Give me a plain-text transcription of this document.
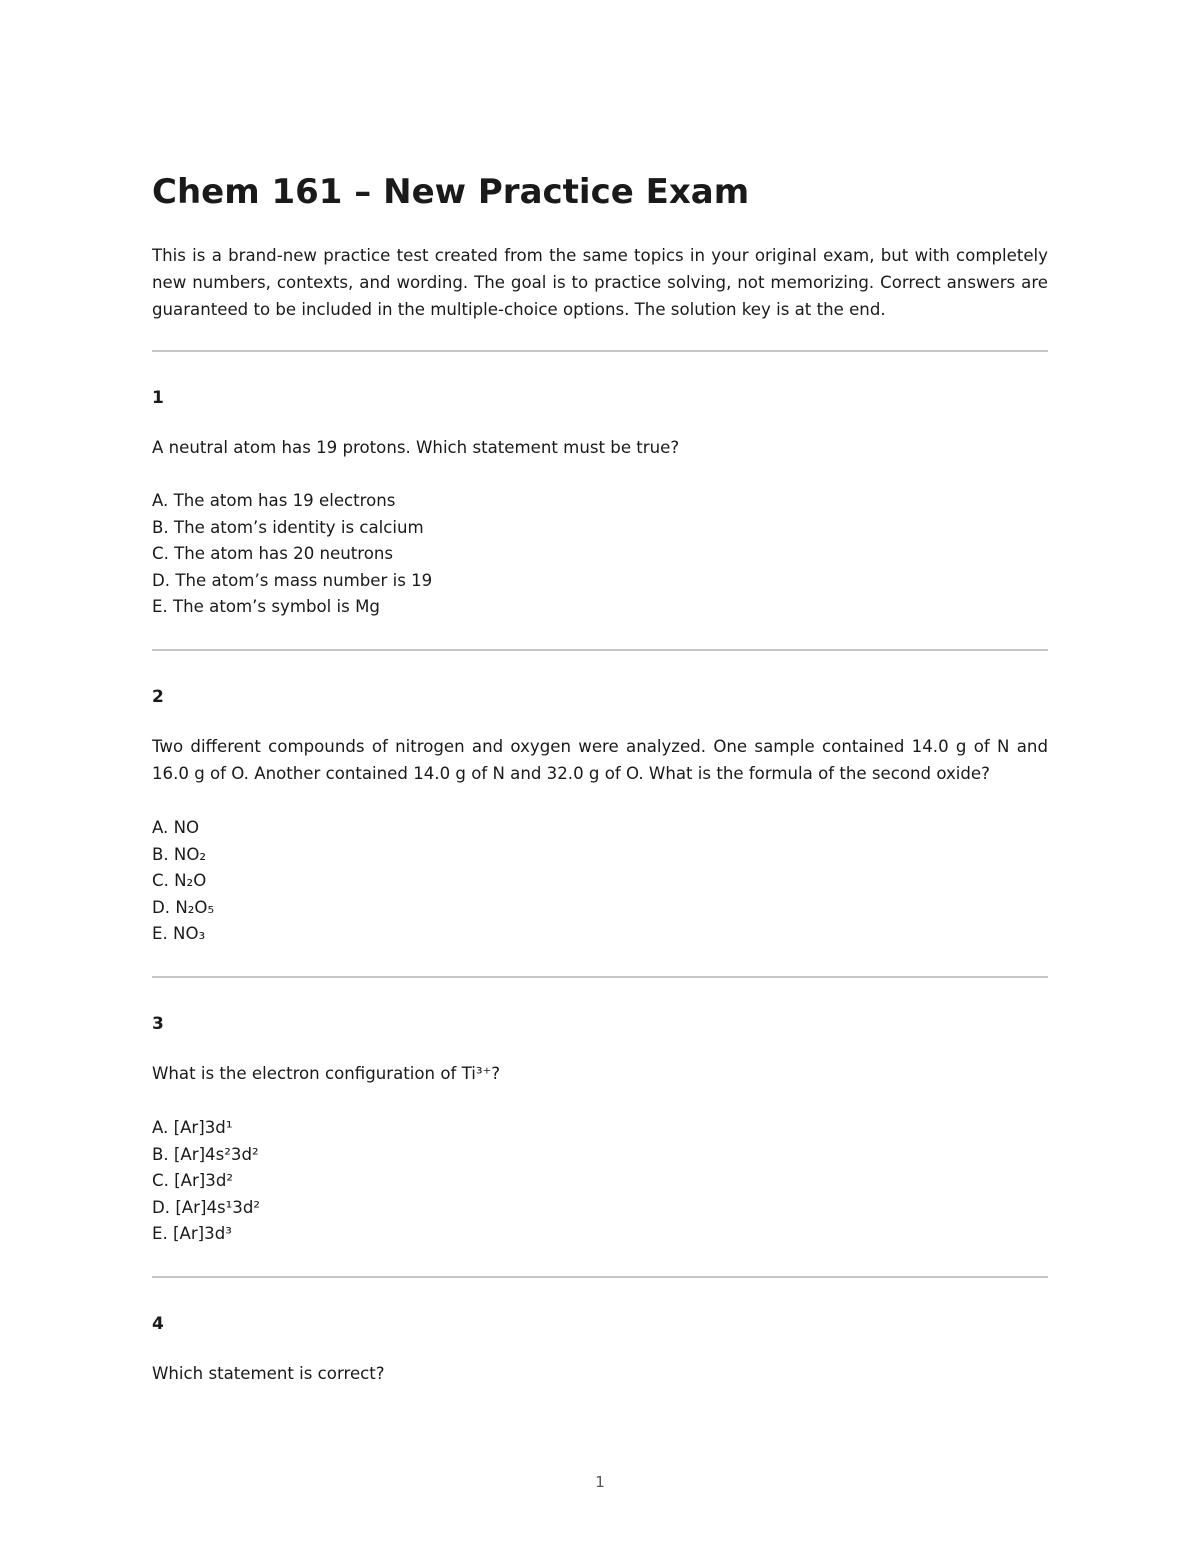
Chem 161 – New Practice Exam

This is a brand-new practice test created from the same topics in your original exam, but with completely new numbers, contexts, and wording. The goal is to practice solving, not memorizing. Correct answers are guaranteed to be included in the multiple-choice options. The solution key is at the end.

1

A neutral atom has 19 protons. Which statement must be true?

A. The atom has 19 electrons
B. The atom’s identity is calcium
C. The atom has 20 neutrons
D. The atom’s mass number is 19
E. The atom’s symbol is Mg
2

Two different compounds of nitrogen and oxygen were analyzed. One sample contained 14.0 g of N and 16.0 g of O. Another contained 14.0 g of N and 32.0 g of O. What is the formula of the second oxide?

A. NO
B. NO₂
C. N₂O
D. N₂O₅
E. NO₃
3

What is the electron configuration of Ti³⁺?

A. [Ar]3d¹
B. [Ar]4s²3d²
C. [Ar]3d²
D. [Ar]4s¹3d²
E. [Ar]3d³
4

Which statement is correct?

1
